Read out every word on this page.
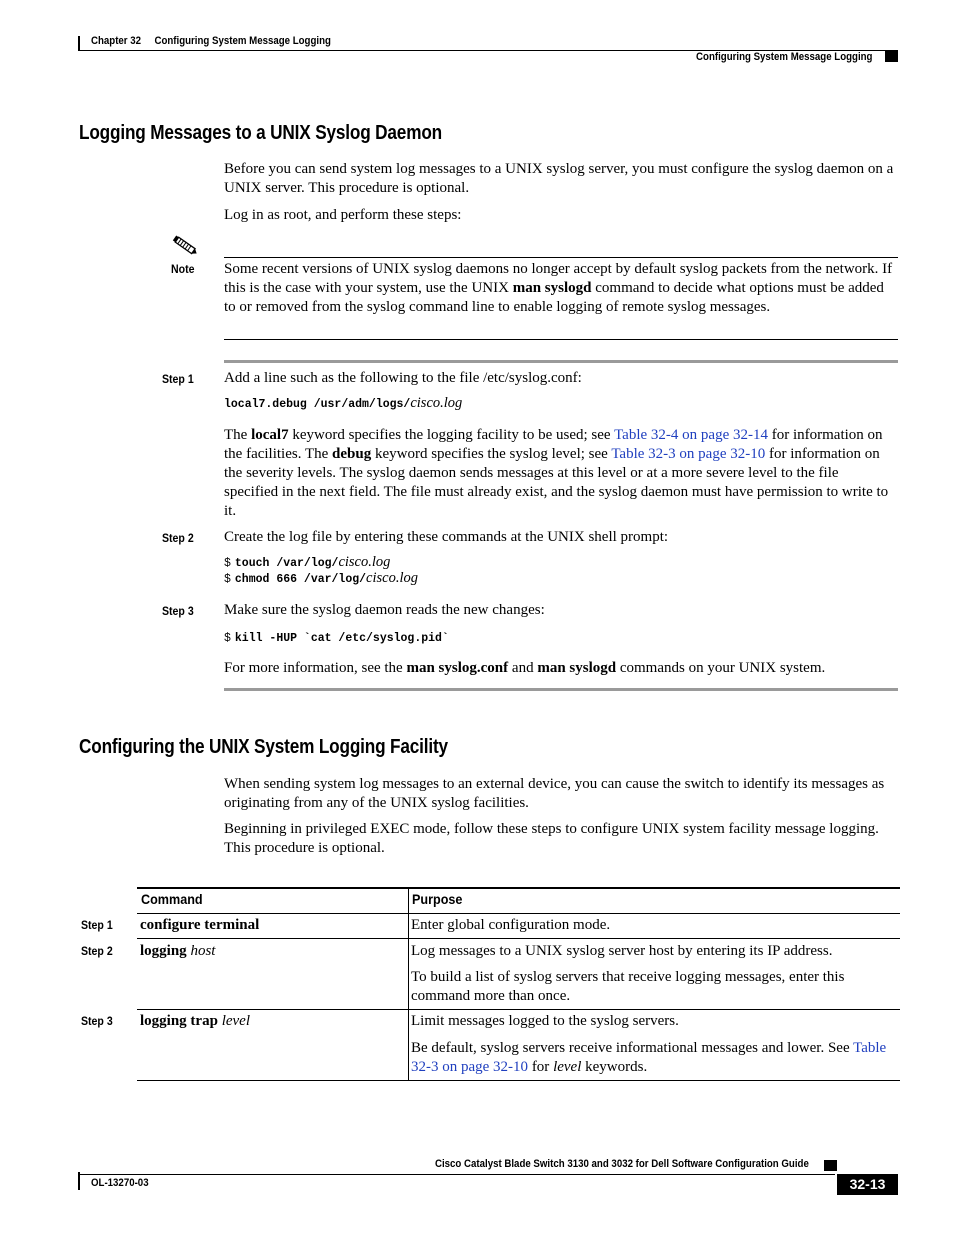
Chapter 32 Configuring System Message Logging
Configuring System Message Logging
Logging Messages to a UNIX Syslog Daemon

Before you can send system log messages to a UNIX syslog server, you must configure the syslog daemon on a UNIX server. This procedure is optional.

Log in as root, and perform these steps:

Note Some recent versions of UNIX syslog daemons no longer accept by default syslog packets from the network. If this is the case with your system, use the UNIX man syslogd command to decide what options must be added to or removed from the syslog command line to enable logging of remote syslog messages.

Step 1 Add a line such as the following to the file /etc/syslog.conf:

local7.debug /usr/adm/logs/cisco.log

The local7 keyword specifies the logging facility to be used; see Table 32-4 on page 32-14 for information on the facilities. The debug keyword specifies the syslog level; see Table 32-3 on page 32-10 for information on the severity levels. The syslog daemon sends messages at this level or at a more severe level to the file specified in the next field. The file must already exist, and the syslog daemon must have permission to write to it.

Step 2 Create the log file by entering these commands at the UNIX shell prompt:

$ touch /var/log/cisco.log
$ chmod 666 /var/log/cisco.log
Step 3 Make sure the syslog daemon reads the new changes:

$ kill -HUP `cat /etc/syslog.pid`

For more information, see the man syslog.conf and man syslogd commands on your UNIX system.

Configuring the UNIX System Logging Facility

When sending system log messages to an external device, you can cause the switch to identify its messages as originating from any of the UNIX syslog facilities.

Beginning in privileged EXEC mode, follow these steps to configure UNIX system facility message logging. This procedure is optional.

Command	Purpose
Step 1 configure terminal	Enter global configuration mode.
Step 2 logging host	Log messages to a UNIX syslog server host by entering its IP address.
To build a list of syslog servers that receive logging messages, enter this command more than once.
Step 3 logging trap level	Limit messages logged to the syslog servers.
Be default, syslog servers receive informational messages and lower. See Table 32-3 on page 32-10 for level keywords.
Cisco Catalyst Blade Switch 3130 and 3032 for Dell Software Configuration Guide
OL-13270-03	32-13
